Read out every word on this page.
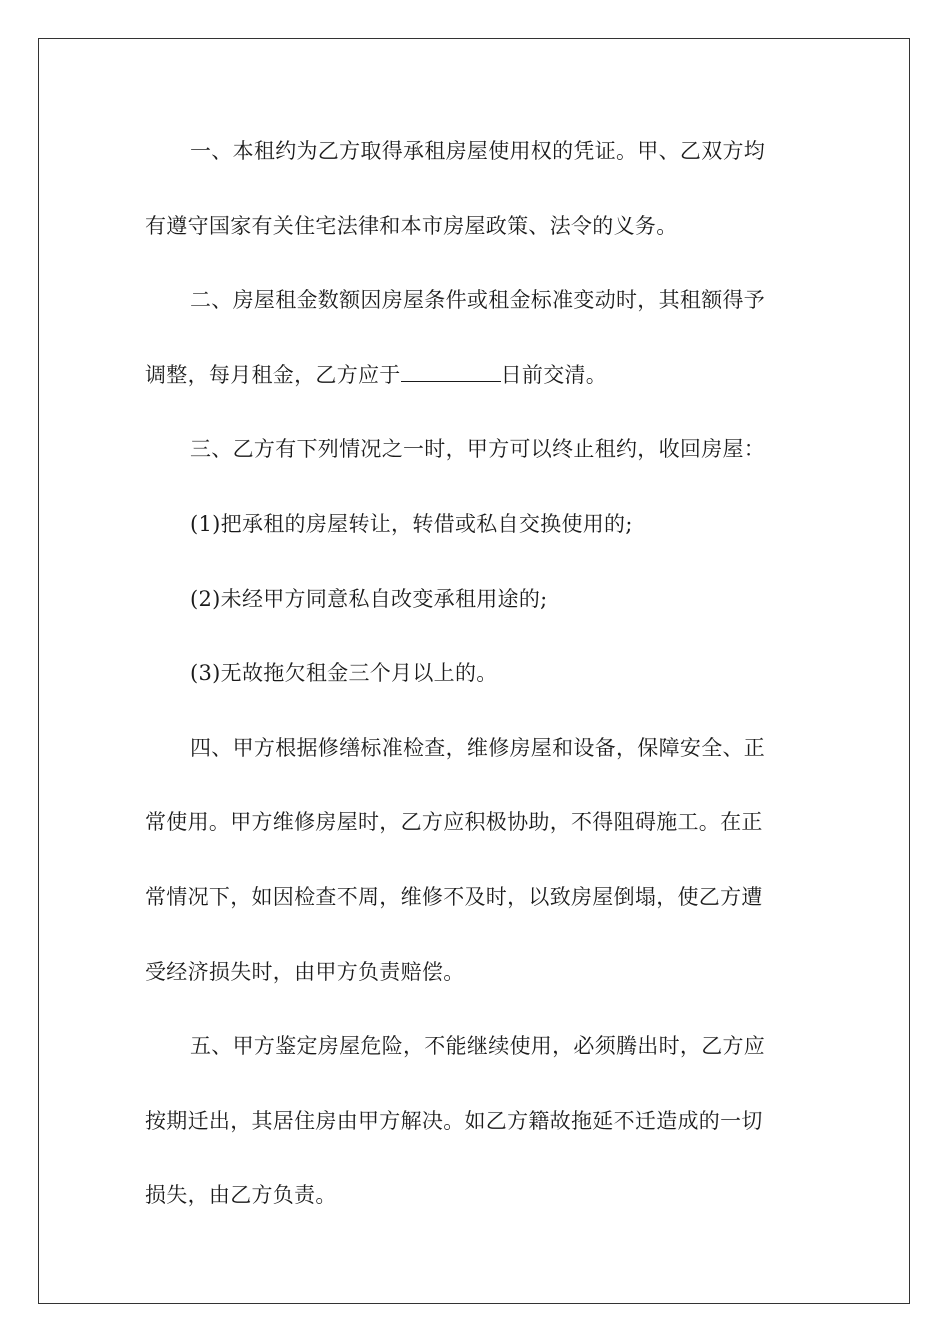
一、本租约为乙方取得承租房屋使用权的凭证。甲、乙双方均
有遵守国家有关住宅法律和本市房屋政策、法令的义务。
二、房屋租金数额因房屋条件或租金标准变动时，其租额得予
调整，每月租金，乙方应于	日前交清。
三、乙方有下列情况之一时，甲方可以终止租约，收回房屋：
(1)把承租的房屋转让，转借或私自交换使用的;
(2)未经甲方同意私自改变承租用途的;
(3)无故拖欠租金三个月以上的。
四、甲方根据修缮标准检查，维修房屋和设备，保障安全、正
常使用。甲方维修房屋时，乙方应积极协助，不得阻碍施工。在正
常情况下，如因检查不周，维修不及时，以致房屋倒塌，使乙方遭
受经济损失时，由甲方负责赔偿。
五、甲方鉴定房屋危险，不能继续使用，必须腾出时，乙方应
按期迁出，其居住房由甲方解决。如乙方籍故拖延不迁造成的一切
损失，由乙方负责。
